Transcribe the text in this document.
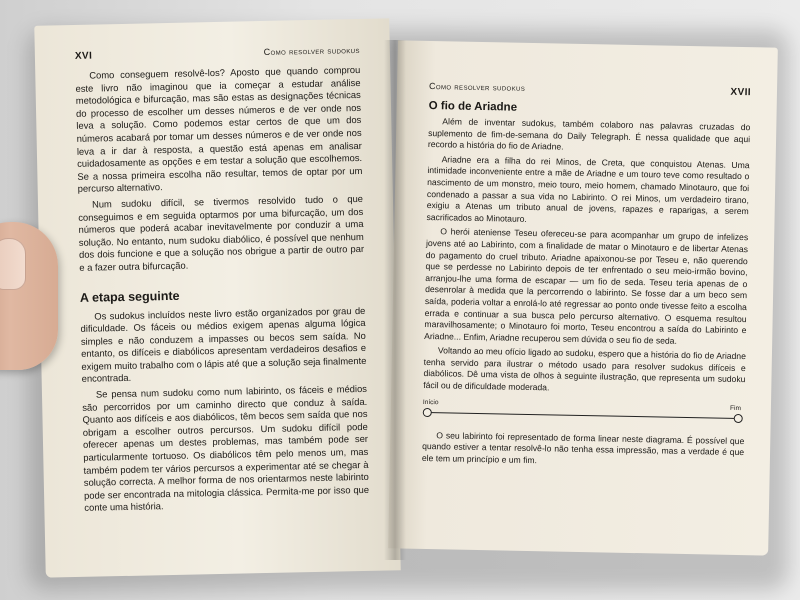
XVI	Como resolver sudokus

Como conseguem resolvê-los? Aposto que quando comprou este livro não imaginou que ia começar a estudar análise metodológica e bifurcação, mas são estas as designações técnicas do processo de escolher um desses números e de ver onde nos leva a solução. Como podemos estar certos de que um dos números acabará por tomar um desses números e de ver onde nos leva a ir dar à resposta, a questão está apenas em analisar cuidadosamente as opções e em testar a solução que escolhemos. Se a nossa primeira escolha não resultar, temos de optar por um percurso alternativo.

Num sudoku difícil, se tivermos resolvido tudo o que conseguimos e em seguida optarmos por uma bifurcação, um dos números que poderá acabar inevitavelmente por conduzir a uma solução. No entanto, num sudoku diabólico, é possível que nenhum dos dois funcione e que a solução nos obrigue a partir de outro par e a fazer outra bifurcação.

A etapa seguinte

Os sudokus incluídos neste livro estão organizados por grau de dificuldade. Os fáceis ou médios exigem apenas alguma lógica simples e não conduzem a impasses ou becos sem saída. No entanto, os difíceis e diabólicos apresentam verdadeiros desafios e exigem muito trabalho com o lápis até que a solução seja finalmente encontrada.

Se pensa num sudoku como num labirinto, os fáceis e médios são percorridos por um caminho directo que conduz à saída. Quanto aos difíceis e aos diabólicos, têm becos sem saída que nos obrigam a escolher outros percursos. Um sudoku difícil pode oferecer apenas um destes problemas, mas também pode ser particularmente tortuoso. Os diabólicos têm pelo menos um, mas também podem ter vários percursos a experimentar até se chegar à solução correcta. A melhor forma de nos orientarmos neste labirinto pode ser encontrada na mitologia clássica. Permita-me por isso que conte uma história.

Como resolver sudokus	XVII
O fio de Ariadne

Além de inventar sudokus, também colaboro nas palavras cruzadas do suplemento de fim-de-semana do Daily Telegraph. É nessa qualidade que aqui recordo a história do fio de Ariadne.

Ariadne era a filha do rei Minos, de Creta, que conquistou Atenas. Uma intimidade inconveniente entre a mãe de Ariadne e um touro teve como resultado o nascimento de um monstro, meio touro, meio homem, chamado Minotauro, que foi condenado a passar a sua vida no Labirinto. O rei Minos, um verdadeiro tirano, exigiu a Atenas um tributo anual de jovens, rapazes e raparigas, a serem sacrificados ao Minotauro.

O herói ateniense Teseu ofereceu-se para acompanhar um grupo de infelizes jovens até ao Labirinto, com a finalidade de matar o Minotauro e de libertar Atenas do pagamento do cruel tributo. Ariadne apaixonou-se por Teseu e, não querendo que se perdesse no Labirinto depois de ter enfrentado o seu meio-irmão bovino, arranjou-lhe uma forma de escapar — um fio de seda. Teseu teria apenas de o desenrolar à medida que la percorrendo o labirinto. Se fosse dar a um beco sem saída, poderia voltar a enrolá-lo até regressar ao ponto onde tivesse feito a escolha errada e continuar a sua busca pelo percurso alternativo. O esquema resultou maravilhosamente; o Minotauro foi morto, Teseu encontrou a saída do Labirinto e Ariadne... Enfim, Ariadne recuperou sem dúvida o seu fio de seda.

Voltando ao meu ofício ligado ao sudoku, espero que a história do fio de Ariadne tenha servido para ilustrar o método usado para resolver sudokus difíceis e diabólicos. Dê uma vista de olhos à seguinte ilustração, que representa um sudoku fácil ou de dificuldade moderada.

Início
Fim

O seu labirinto foi representado de forma linear neste diagrama. É possível que quando estiver a tentar resolvê-lo não tenha essa impressão, mas a verdade é que ele tem um princípio e um fim.
